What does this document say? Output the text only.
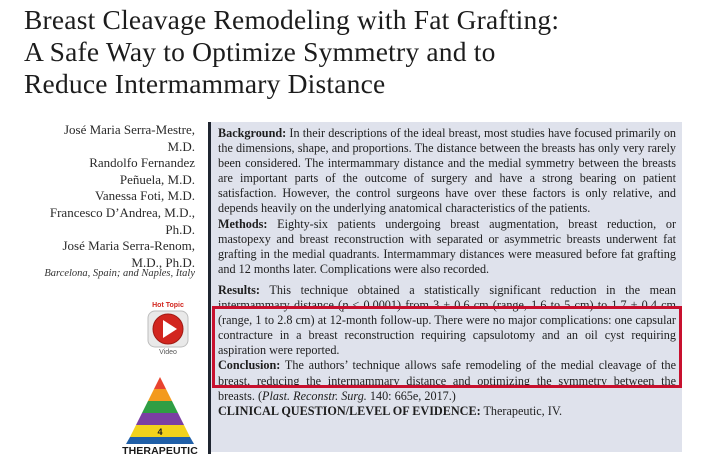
Breast Cleavage Remodeling with Fat Grafting:
A Safe Way to Optimize Symmetry and to
Reduce Intermammary Distance
José Maria Serra-Mestre,
M.D.
Randolfo Fernandez
Peñuela, M.D.
Vanessa Foti, M.D.
Francesco D’Andrea, M.D.,
Ph.D.
José Maria Serra-Renom,
M.D., Ph.D.
Barcelona, Spain; and Naples, Italy
Hot Topic
Video
4
THERAPEUTIC

Background: In their descriptions of the ideal breast, most studies have focused primarily on the dimensions, shape, and proportions. The distance between the breasts has only very rarely been considered. The intermammary distance and the medial symmetry between the breasts are important parts of the outcome of surgery and have a strong bearing on patient satisfaction. However, the control surgeons have over these factors is only relative, and depends heavily on the underlying anatomical characteristics of the patients.

Methods: Eighty-six patients undergoing breast augmentation, breast reduction, or mastopexy and breast reconstruction with separated or asymmetric breasts underwent fat grafting in the medial quadrants. Intermammary distances were measured before fat grafting and 12 months later. Complications were also recorded.

Results: This technique obtained a statistically significant reduction in the mean intermammary distance (p < 0.0001) from 3 ± 0.6 cm (range, 1.6 to 5 cm) to 1.7 ± 0.4 cm (range, 1 to 2.8 cm) at 12-month follow-up. There were no major complications: one capsular contracture in a breast reconstruction requiring capsulotomy and an oil cyst requiring aspiration were reported.

Conclusion: The authors’ technique allows safe remodeling of the medial cleavage of the breast, reducing the intermammary distance and optimizing the symmetry between the breasts. (Plast. Reconstr. Surg. 140: 665e, 2017.)

CLINICAL QUESTION/LEVEL OF EVIDENCE: Therapeutic, IV.
